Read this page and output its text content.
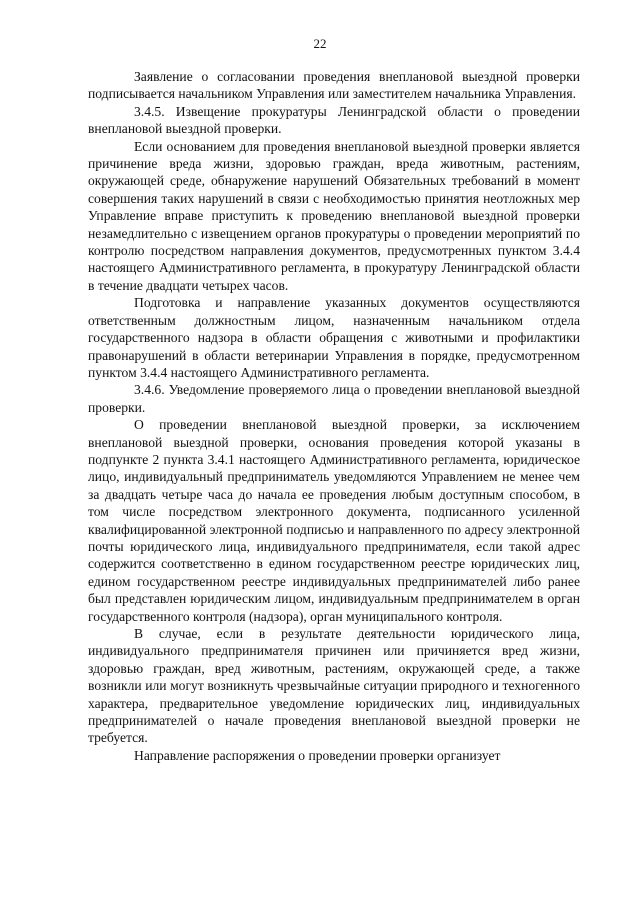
22

Заявление о согласовании проведения внеплановой выездной проверки подписывается начальником Управления или заместителем начальника Управления.

3.4.5. Извещение прокуратуры Ленинградской области о проведении внеплановой выездной проверки.

Если основанием для проведения внеплановой выездной проверки является причинение вреда жизни, здоровью граждан, вреда животным, растениям, окружающей среде, обнаружение нарушений Обязательных требований в момент совершения таких нарушений в связи с необходимостью принятия неотложных мер Управление вправе приступить к проведению внеплановой выездной проверки незамедлительно с извещением органов прокуратуры о проведении мероприятий по контролю посредством направления документов, предусмотренных пунктом 3.4.4 настоящего Административного регламента, в прокуратуру Ленинградской области в течение двадцати четырех часов.

Подготовка и направление указанных документов осуществляются ответственным должностным лицом, назначенным начальником отдела государственного надзора в области обращения с животными и профилактики правонарушений в области ветеринарии Управления в порядке, предусмотренном пунктом 3.4.4 настоящего Административного регламента.

3.4.6. Уведомление проверяемого лица о проведении внеплановой выездной проверки.

О проведении внеплановой выездной проверки, за исключением внеплановой выездной проверки, основания проведения которой указаны в подпункте 2 пункта 3.4.1 настоящего Административного регламента, юридическое лицо, индивидуальный предприниматель уведомляются Управлением не менее чем за двадцать четыре часа до начала ее проведения любым доступным способом, в том числе посредством электронного документа, подписанного усиленной квалифицированной электронной подписью и направленного по адресу электронной почты юридического лица, индивидуального предпринимателя, если такой адрес содержится соответственно в едином государственном реестре юридических лиц, едином государственном реестре индивидуальных предпринимателей либо ранее был представлен юридическим лицом, индивидуальным предпринимателем в орган государственного контроля (надзора), орган муниципального контроля.

В случае, если в результате деятельности юридического лица, индивидуального предпринимателя причинен или причиняется вред жизни, здоровью граждан, вред животным, растениям, окружающей среде, а также возникли или могут возникнуть чрезвычайные ситуации природного и техногенного характера, предварительное уведомление юридических лиц, индивидуальных предпринимателей о начале проведения внеплановой выездной проверки не требуется.

Направление распоряжения о проведении проверки организует
